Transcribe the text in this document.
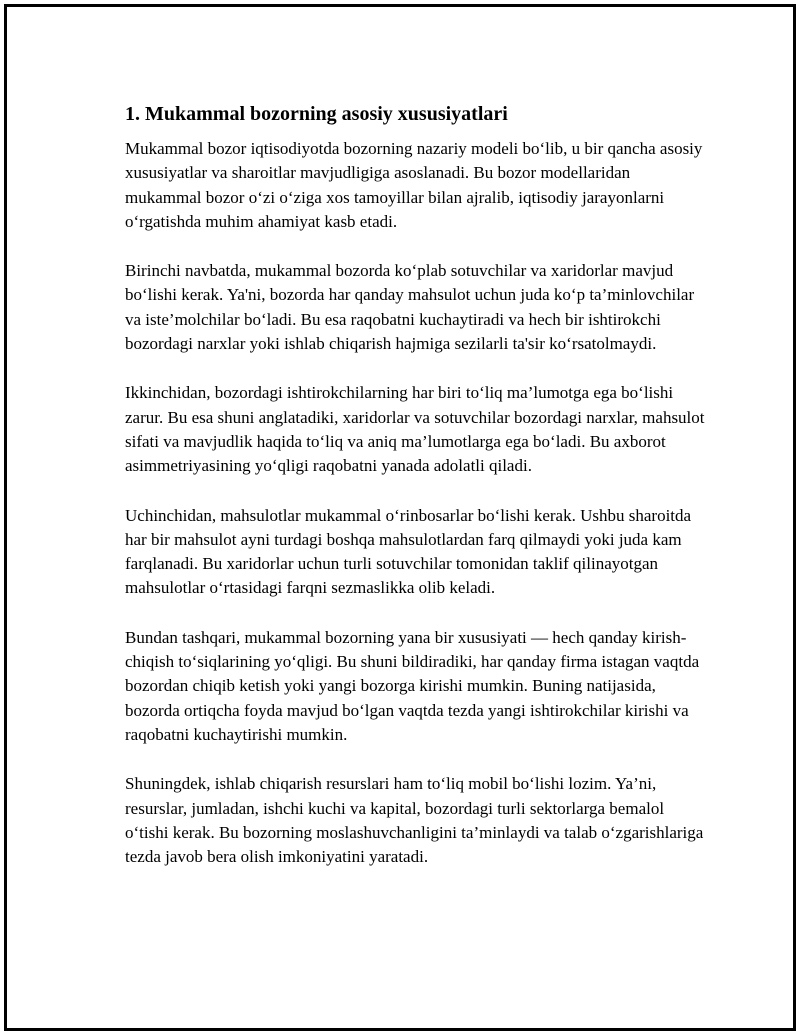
1. Mukammal bozorning asosiy xususiyatlari

Mukammal bozor iqtisodiyotda bozorning nazariy modeli bo‘lib, u bir qancha asosiy xususiyatlar va sharoitlar mavjudligiga asoslanadi. Bu bozor modellaridan mukammal bozor o‘zi o‘ziga xos tamoyillar bilan ajralib, iqtisodiy jarayonlarni o‘rgatishda muhim ahamiyat kasb etadi.

Birinchi navbatda, mukammal bozorda ko‘plab sotuvchilar va xaridorlar mavjud bo‘lishi kerak. Ya'ni, bozorda har qanday mahsulot uchun juda ko‘p ta’minlovchilar va iste’molchilar bo‘ladi. Bu esa raqobatni kuchaytiradi va hech bir ishtirokchi bozordagi narxlar yoki ishlab chiqarish hajmiga sezilarli ta'sir ko‘rsatolmaydi.

Ikkinchidan, bozordagi ishtirokchilarning har biri to‘liq ma’lumotga ega bo‘lishi zarur. Bu esa shuni anglatadiki, xaridorlar va sotuvchilar bozordagi narxlar, mahsulot sifati va mavjudlik haqida to‘liq va aniq ma’lumotlarga ega bo‘ladi. Bu axborot asimmetriyasining yo‘qligi raqobatni yanada adolatli qiladi.

Uchinchidan, mahsulotlar mukammal o‘rinbosarlar bo‘lishi kerak. Ushbu sharoitda har bir mahsulot ayni turdagi boshqa mahsulotlardan farq qilmaydi yoki juda kam farqlanadi. Bu xaridorlar uchun turli sotuvchilar tomonidan taklif qilinayotgan mahsulotlar o‘rtasidagi farqni sezmaslikka olib keladi.

Bundan tashqari, mukammal bozorning yana bir xususiyati — hech qanday kirish-chiqish to‘siqlarining yo‘qligi. Bu shuni bildiradiki, har qanday firma istagan vaqtda bozordan chiqib ketish yoki yangi bozorga kirishi mumkin. Buning natijasida, bozorda ortiqcha foyda mavjud bo‘lgan vaqtda tezda yangi ishtirokchilar kirishi va raqobatni kuchaytirishi mumkin.

Shuningdek, ishlab chiqarish resurslari ham to‘liq mobil bo‘lishi lozim. Ya’ni, resurslar, jumladan, ishchi kuchi va kapital, bozordagi turli sektorlarga bemalol o‘tishi kerak. Bu bozorning moslashuvchanligini ta’minlaydi va talab o‘zgarishlariga tezda javob bera olish imkoniyatini yaratadi.
